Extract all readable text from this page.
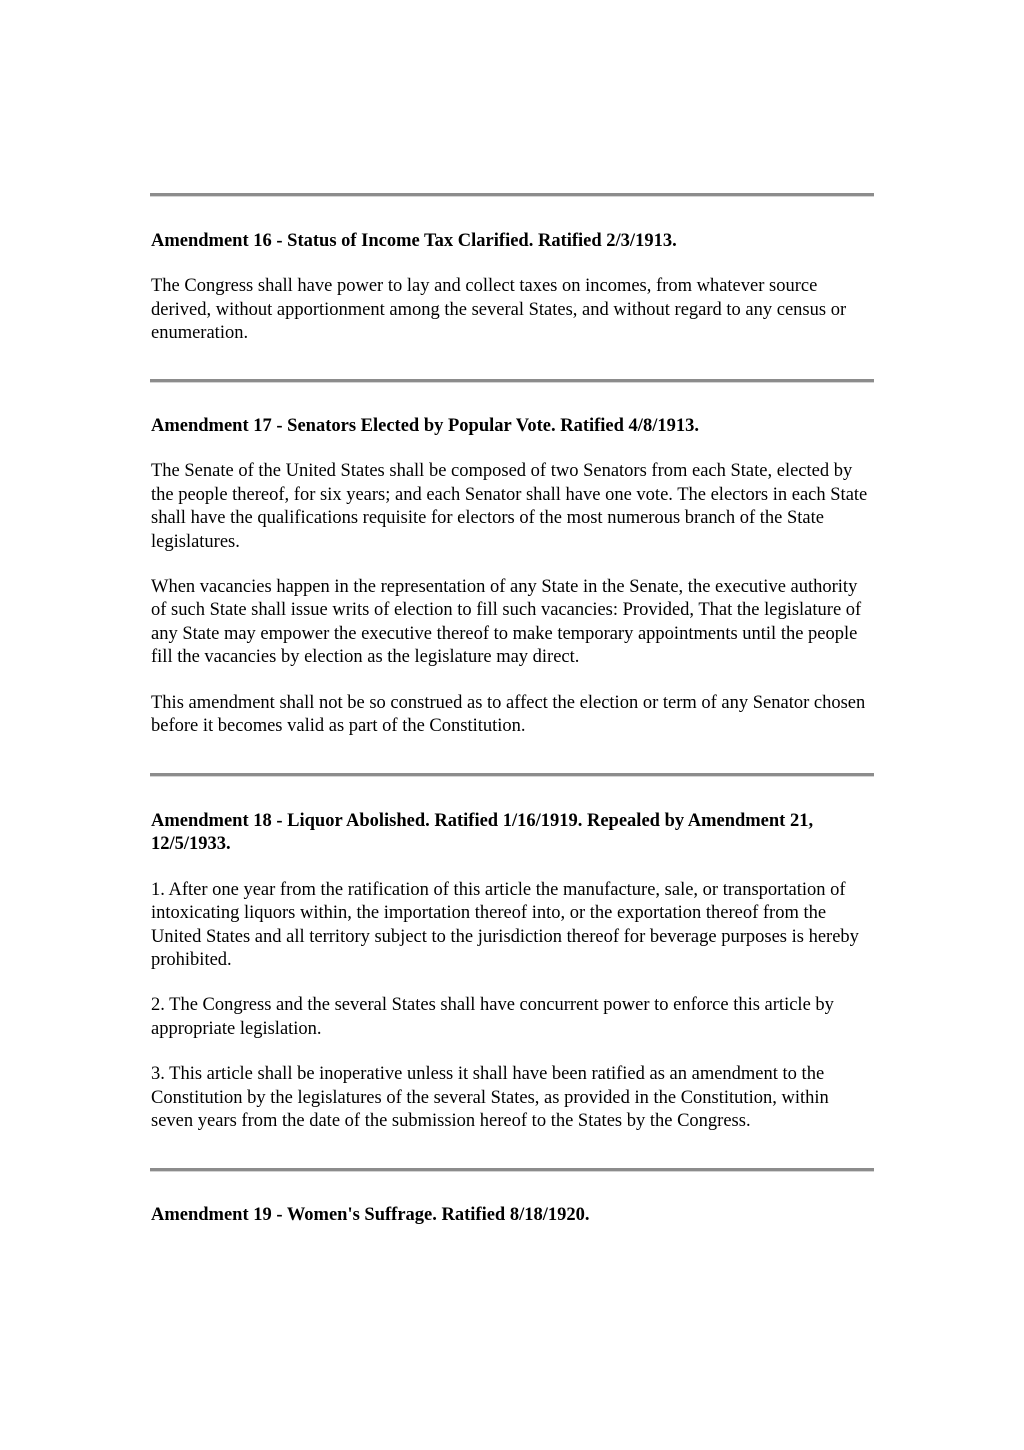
Amendment 16 - Status of Income Tax Clarified. Ratified 2/3/1913.

The Congress shall have power to lay and collect taxes on incomes, from whatever source derived, without apportionment among the several States, and without regard to any census or enumeration.

Amendment 17 - Senators Elected by Popular Vote. Ratified 4/8/1913.

The Senate of the United States shall be composed of two Senators from each State, elected by the people thereof, for six years; and each Senator shall have one vote. The electors in each State shall have the qualifications requisite for electors of the most numerous branch of the State legislatures.

When vacancies happen in the representation of any State in the Senate, the executive authority of such State shall issue writs of election to fill such vacancies: Provided, That the legislature of any State may empower the executive thereof to make temporary appointments until the people fill the vacancies by election as the legislature may direct.

This amendment shall not be so construed as to affect the election or term of any Senator chosen before it becomes valid as part of the Constitution.

Amendment 18 - Liquor Abolished. Ratified 1/16/1919. Repealed by Amendment 21, 12/5/1933.

1. After one year from the ratification of this article the manufacture, sale, or transportation of intoxicating liquors within, the importation thereof into, or the exportation thereof from the United States and all territory subject to the jurisdiction thereof for beverage purposes is hereby prohibited.

2. The Congress and the several States shall have concurrent power to enforce this article by appropriate legislation.

3. This article shall be inoperative unless it shall have been ratified as an amendment to the Constitution by the legislatures of the several States, as provided in the Constitution, within seven years from the date of the submission hereof to the States by the Congress.

Amendment 19 - Women's Suffrage. Ratified 8/18/1920.
